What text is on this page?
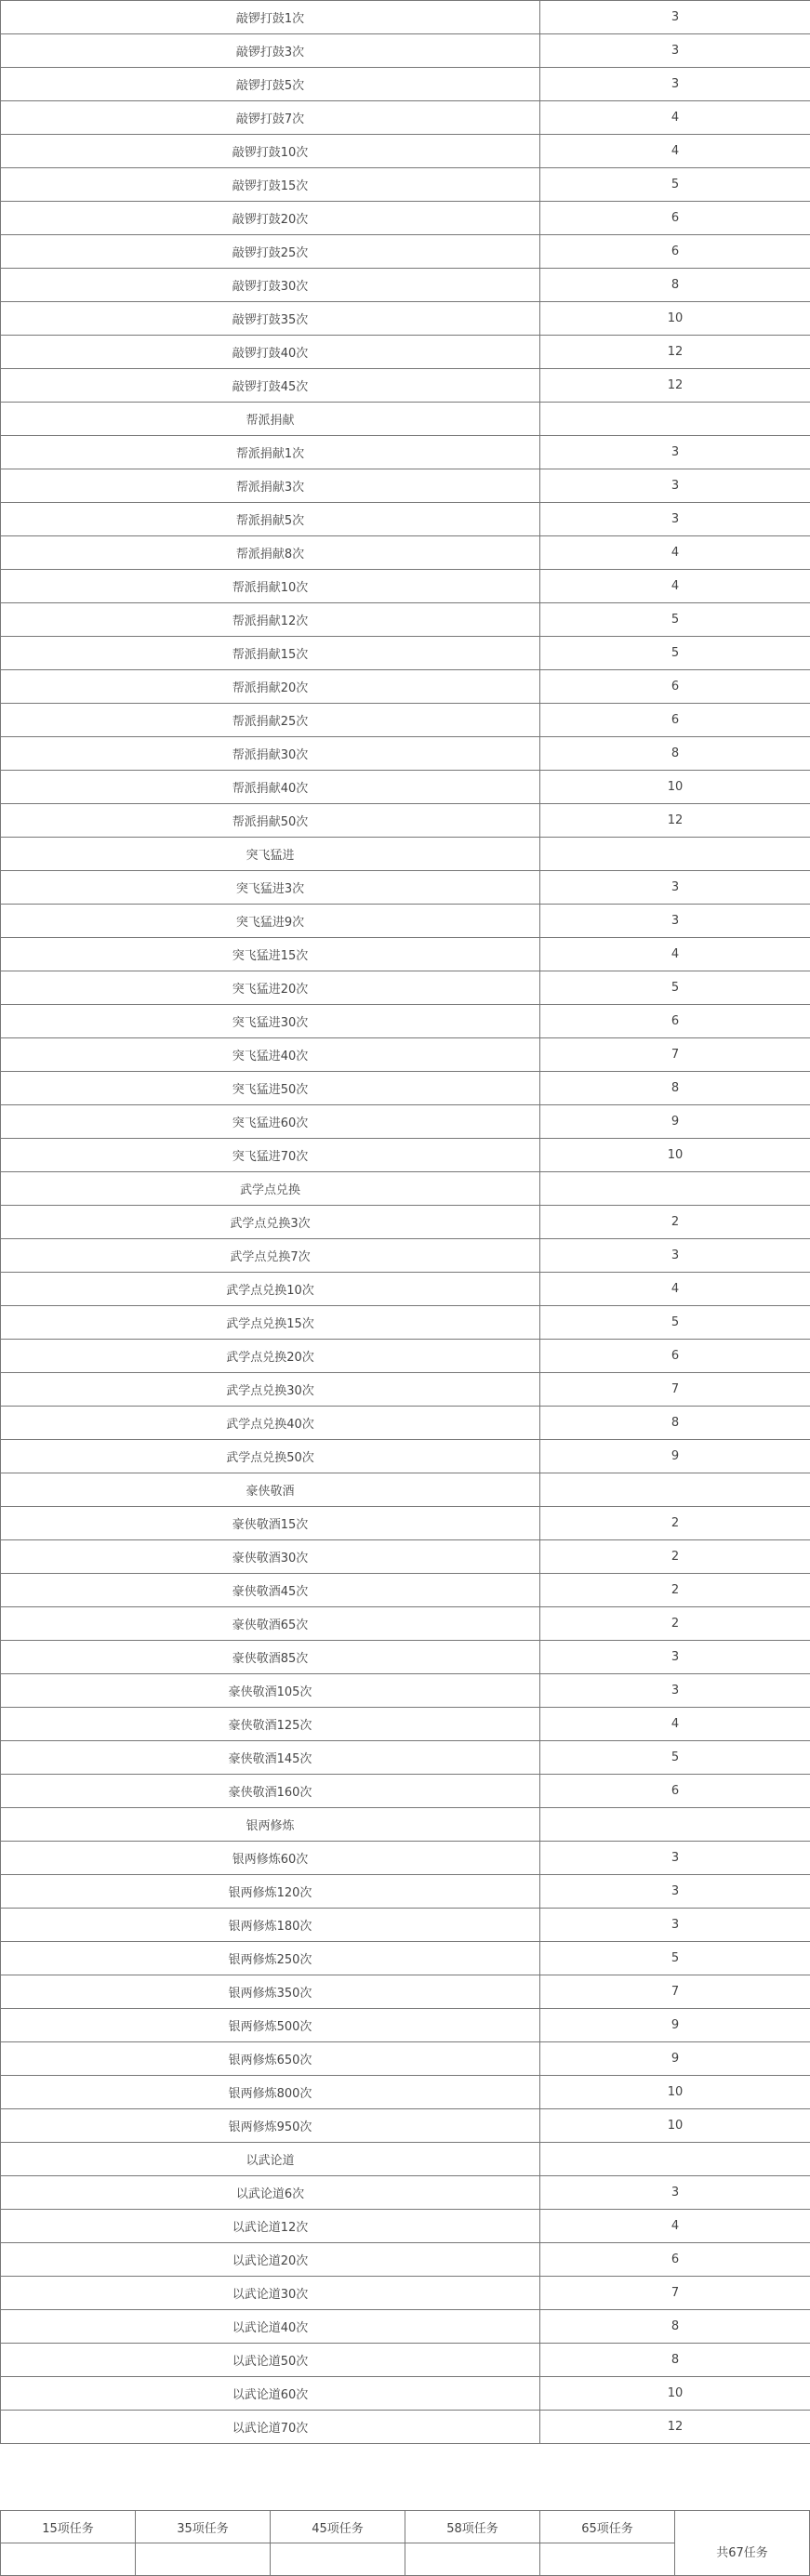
敲锣打鼓1次	3
敲锣打鼓3次	3
敲锣打鼓5次	3
敲锣打鼓7次	4
敲锣打鼓10次	4
敲锣打鼓15次	5
敲锣打鼓20次	6
敲锣打鼓25次	6
敲锣打鼓30次	8
敲锣打鼓35次	10
敲锣打鼓40次	12
敲锣打鼓45次	12
帮派捐献	
帮派捐献1次	3
帮派捐献3次	3
帮派捐献5次	3
帮派捐献8次	4
帮派捐献10次	4
帮派捐献12次	5
帮派捐献15次	5
帮派捐献20次	6
帮派捐献25次	6
帮派捐献30次	8
帮派捐献40次	10
帮派捐献50次	12
突飞猛进	
突飞猛进3次	3
突飞猛进9次	3
突飞猛进15次	4
突飞猛进20次	5
突飞猛进30次	6
突飞猛进40次	7
突飞猛进50次	8
突飞猛进60次	9
突飞猛进70次	10
武学点兑换	
武学点兑换3次	2
武学点兑换7次	3
武学点兑换10次	4
武学点兑换15次	5
武学点兑换20次	6
武学点兑换30次	7
武学点兑换40次	8
武学点兑换50次	9
豪侠敬酒	
豪侠敬酒15次	2
豪侠敬酒30次	2
豪侠敬酒45次	2
豪侠敬酒65次	2
豪侠敬酒85次	3
豪侠敬酒105次	3
豪侠敬酒125次	4
豪侠敬酒145次	5
豪侠敬酒160次	6
银两修炼	
银两修炼60次	3
银两修炼120次	3
银两修炼180次	3
银两修炼250次	5
银两修炼350次	7
银两修炼500次	9
银两修炼650次	9
银两修炼800次	10
银两修炼950次	10
以武论道	
以武论道6次	3
以武论道12次	4
以武论道20次	6
以武论道30次	7
以武论道40次	8
以武论道50次	8
以武论道60次	10
以武论道70次	12
15项任务	35项任务	45项任务	58项任务	65项任务	共67任务
